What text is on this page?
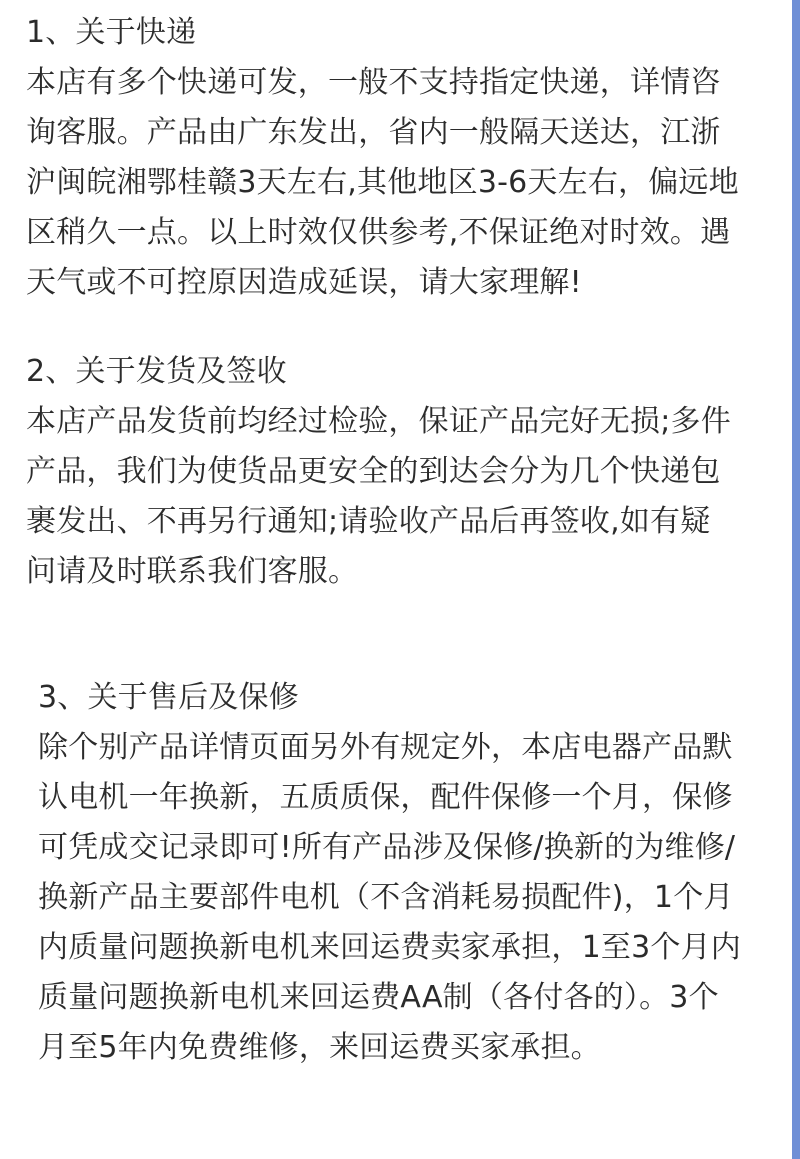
1、关于快递

本店有多个快递可发，一般不支持指定快递，详情咨

询客服。产品由广东发出，省内一般隔天送达，江浙

沪闽皖湘鄂桂赣3天左右,其他地区3-6天左右，偏远地

区稍久一点。以上时效仅供参考,不保证绝对时效。遇

天气或不可控原因造成延误，请大家理解!

2、关于发货及签收

本店产品发货前均经过检验，保证产品完好无损;多件

产品，我们为使货品更安全的到达会分为几个快递包

裹发出、不再另行通知;请验收产品后再签收,如有疑

问请及时联系我们客服。

3、关于售后及保修

除个别产品详情页面另外有规定外，本店电器产品默

认电机一年换新，五质质保，配件保修一个月，保修

可凭成交记录即可!所有产品涉及保修/换新的为维修/

换新产品主要部件电机（不含消耗易损配件)，1个月

内质量问题换新电机来回运费卖家承担，1至3个月内

质量问题换新电机来回运费AA制（各付各的）。3个

月至5年内免费维修，来回运费买家承担。
